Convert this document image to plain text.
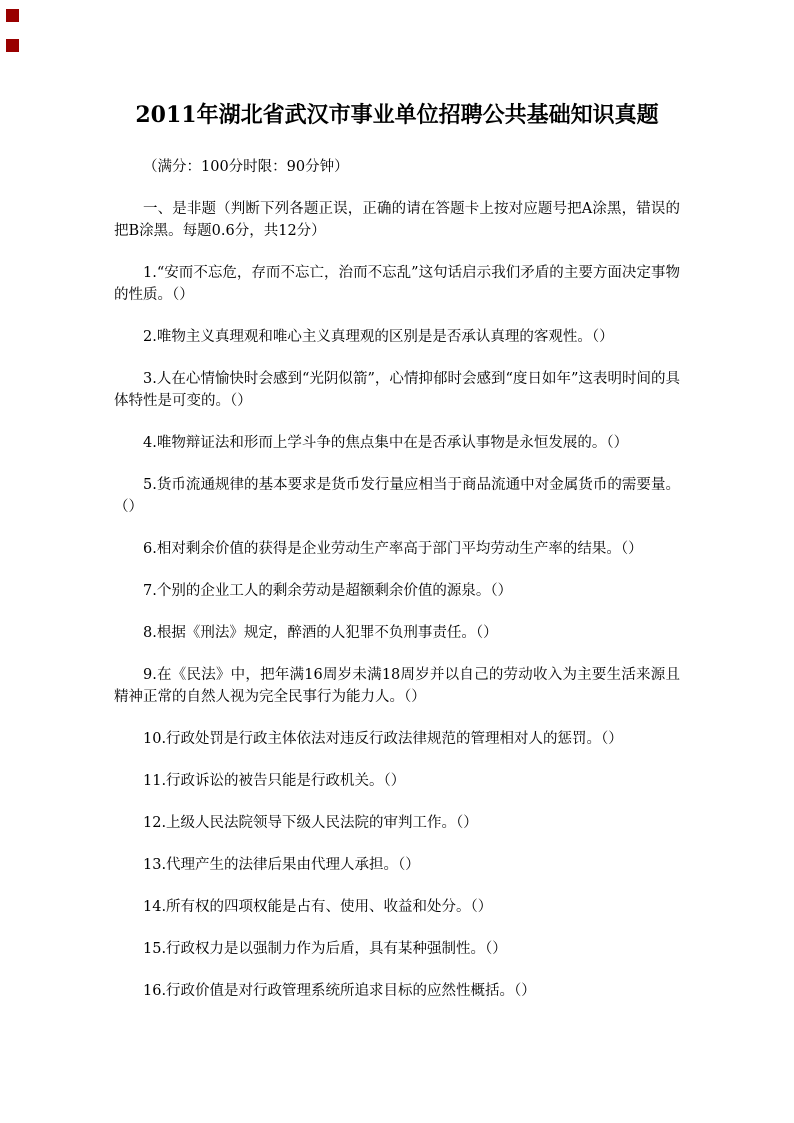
2011年湖北省武汉市事业单位招聘公共基础知识真题

（满分：100分时限：90分钟）

一、是非题（判断下列各题正误，正确的请在答题卡上按对应题号把A涂黑，错误的把B涂黑。每题0.6分，共12分）

1.“安而不忘危，存而不忘亡，治而不忘乱”这句话启示我们矛盾的主要方面决定事物的性质。（）

2.唯物主义真理观和唯心主义真理观的区别是是否承认真理的客观性。（）

3.人在心情愉快时会感到“光阴似箭”，心情抑郁时会感到“度日如年”这表明时间的具体特性是可变的。（）

4.唯物辩证法和形而上学斗争的焦点集中在是否承认事物是永恒发展的。（）

5.货币流通规律的基本要求是货币发行量应相当于商品流通中对金属货币的需要量。（）

6.相对剩余价值的获得是企业劳动生产率高于部门平均劳动生产率的结果。（）

7.个别的企业工人的剩余劳动是超额剩余价值的源泉。（）

8.根据《刑法》规定，醉酒的人犯罪不负刑事责任。（）

9.在《民法》中，把年满16周岁未满18周岁并以自己的劳动收入为主要生活来源且精神正常的自然人视为完全民事行为能力人。（）

10.行政处罚是行政主体依法对违反行政法律规范的管理相对人的惩罚。（）

11.行政诉讼的被告只能是行政机关。（）

12.上级人民法院领导下级人民法院的审判工作。（）

13.代理产生的法律后果由代理人承担。（）

14.所有权的四项权能是占有、使用、收益和处分。（）

15.行政权力是以强制力作为后盾，具有某种强制性。（）

16.行政价值是对行政管理系统所追求目标的应然性概括。（）
